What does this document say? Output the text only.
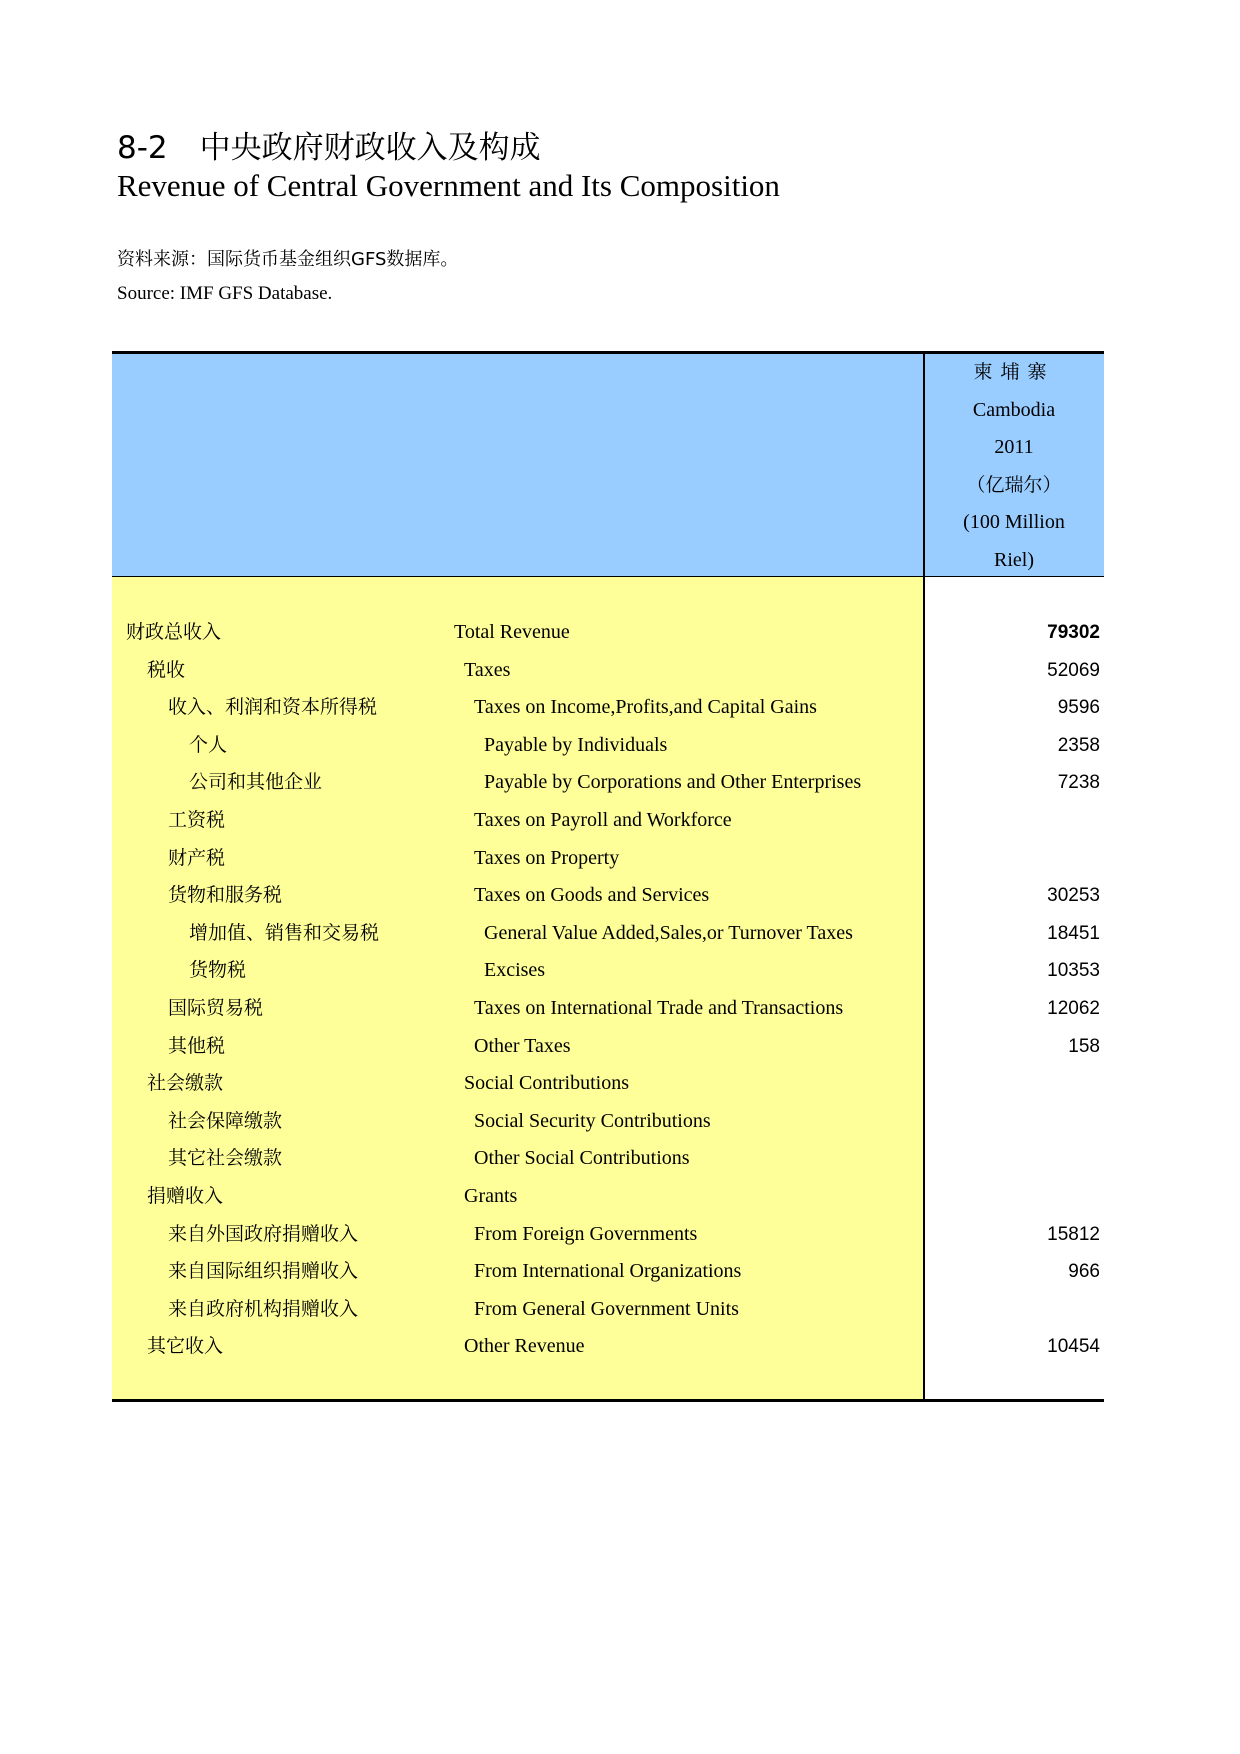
8-2 中央政府财政收入及构成
Revenue of Central Government and Its Composition
资料来源：国际货币基金组织GFS数据库。
Source: IMF GFS Database.
柬埔寨
Cambodia
2011
（亿瑞尔）
(100 Million
Riel)
财政总收入	Total Revenue	79302
税收	Taxes	52069
收入、利润和资本所得税	Taxes on Income,Profits,and Capital Gains	9596
个人	Payable by Individuals	2358
公司和其他企业	Payable by Corporations and Other Enterprises	7238
工资税	Taxes on Payroll and Workforce
财产税	Taxes on Property
货物和服务税	Taxes on Goods and Services	30253
增加值、销售和交易税	General Value Added,Sales,or Turnover Taxes	18451
货物税	Excises	10353
国际贸易税	Taxes on International Trade and Transactions	12062
其他税	Other Taxes	158
社会缴款	Social Contributions
社会保障缴款	Social Security Contributions
其它社会缴款	Other Social Contributions
捐赠收入	Grants
来自外国政府捐赠收入	From Foreign Governments	15812
来自国际组织捐赠收入	From International Organizations	966
来自政府机构捐赠收入	From General Government Units
其它收入	Other Revenue	10454
